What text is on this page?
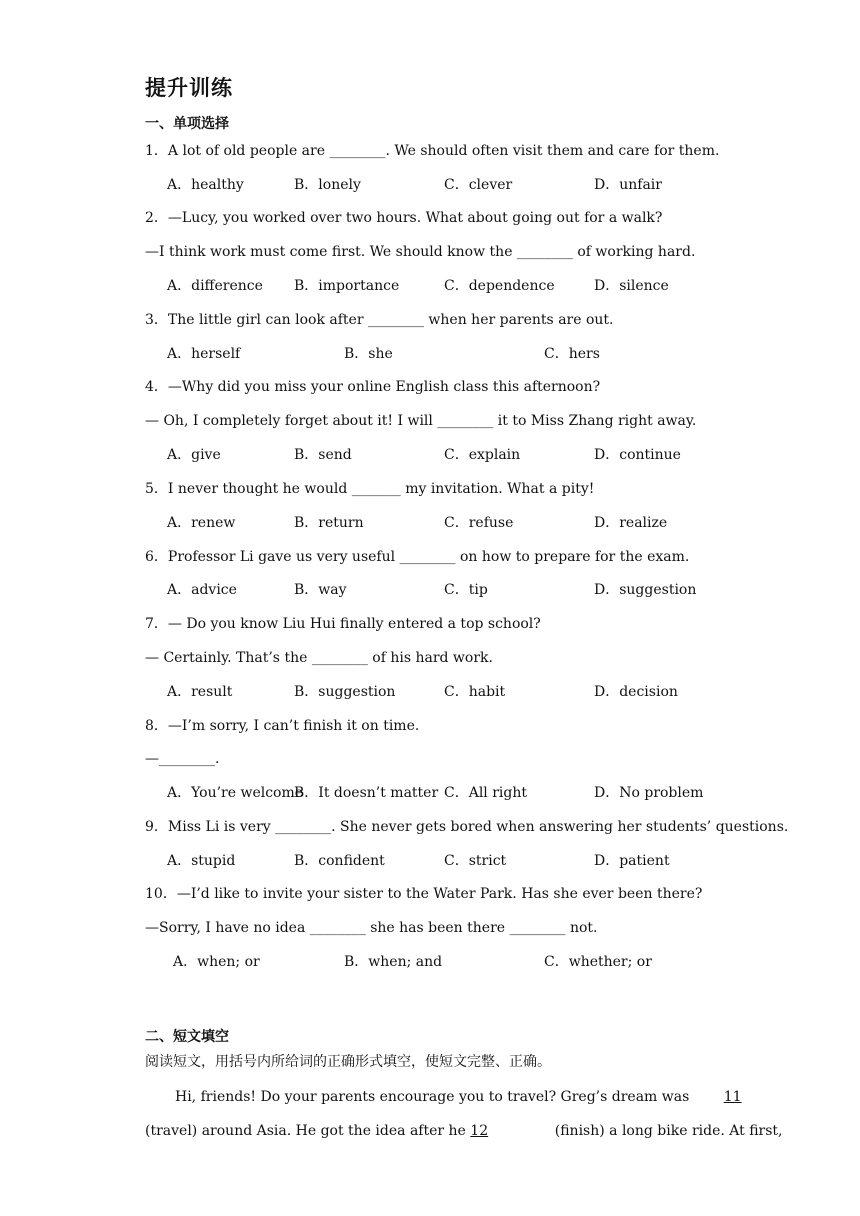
提升训练
一、单项选择
1．A lot of old people are ________. We should often visit them and care for them.
A．healthy	B．lonely	C．clever	D．unfair
2．—Lucy, you worked over two hours. What about going out for a walk?
—I think work must come first. We should know the ________ of working hard.
A．difference B．importance	C．dependence	D．silence
3．The little girl can look after ________ when her parents are out.
A．herself	B．she	C．hers
4．—Why did you miss your online English class this afternoon?
— Oh, I completely forget about it! I will ________ it to Miss Zhang right away.
A．give	B．send	C．explain	D．continue
5．I never thought he would _______ my invitation. What a pity!
A．renew	B．return	C．refuse	D．realize
6．Professor Li gave us very useful ________ on how to prepare for the exam.
A．advice	B．way	C．tip	D．suggestion
7．— Do you know Liu Hui finally entered a top school?
— Certainly. That’s the ________ of his hard work.
A．result	B．suggestion	C．habit	D．decision
8．—I’m sorry, I can’t finish it on time.
—________.
A．You’re welcome
B．It doesn’t matter C．All right	D．No problem
9．Miss Li is very ________. She never gets bored when answering her students’ questions.
A．stupid	B．confident	C．strict	D．patient
10．—I’d like to invite your sister to the Water Park. Has she ever been there?
—Sorry, I have no idea ________ she has been there ________ not.
A．when; or	B．when; and	C．whether; or
二、短文填空
阅读短文，用括号内所给词的正确形式填空，使短文完整、正确。
Hi, friends! Do your parents encourage you to travel? Greg’s dream was 11
(travel) around Asia. He got the idea after he 12	(finish) a long bike ride. At first,
